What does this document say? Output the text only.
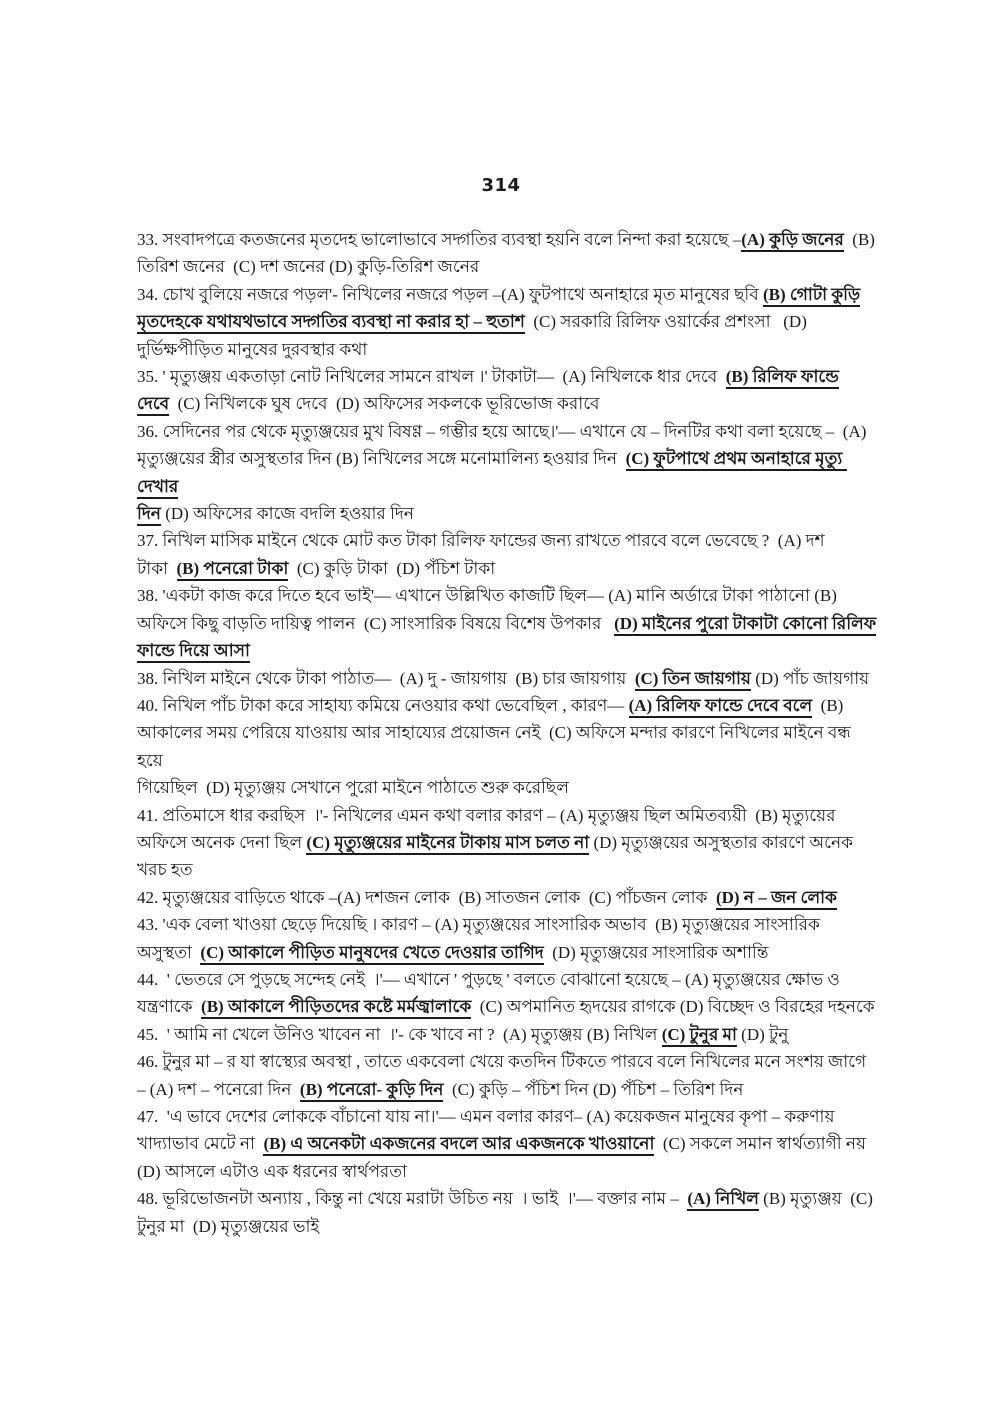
314
33. সংবাদপত্রে কতজনের মৃতদেহ ভালোভাবে সদ্গতির ব্যবস্থা হয়নি বলে নিন্দা করা হয়েছে –(A) কুড়ি জনের  (B)
তিরিশ জনের  (C) দশ জনের (D) কুড়ি-তিরিশ জনের
34. চোখ বুলিয়ে নজরে পড়ল'- নিখিলের নজরে পড়ল –(A) ফুটপাথে অনাহারে মৃত মানুষের ছবি (B) গোটা কুড়ি
মৃতদেহকে যথাযথভাবে সদ্গতির ব্যবস্থা না করার হা – হুতাশ  (C) সরকারি রিলিফ ওয়ার্কের প্রশংসা   (D)
দুর্ভিক্ষপীড়িত মানুষের দুরবস্থার কথা
35. ' মৃত্যুঞ্জয় একতাড়া নোট নিখিলের সামনে রাখল ।' টাকাটা—  (A) নিখিলকে ধার দেবে  (B) রিলিফ ফান্ডে
দেবে  (C) নিখিলকে ঘুষ দেবে  (D) অফিসের সকলকে ভূরিভোজ করাবে
36. সেদিনের পর থেকে মৃত্যুঞ্জয়ের মুখ বিষণ্ণ – গম্ভীর হয়ে আছে।'— এখানে যে – দিনটির কথা বলা হয়েছে –  (A)
মৃত্যুঞ্জয়ের স্ত্রীর অসুস্থতার দিন (B) নিখিলের সঙ্গে মনোমালিন্য হওয়ার দিন  (C) ফুটপাথে প্রথম অনাহারে মৃত্যু দেখার
দিন (D) অফিসের কাজে বদলি হওয়ার দিন
37. নিখিল মাসিক মাইনে থেকে মোট কত টাকা রিলিফ ফান্ডের জন্য রাখতে পারবে বলে ভেবেছে ?  (A) দশ
টাকা  (B) পনেরো টাকা  (C) কুড়ি টাকা  (D) পঁচিশ টাকা
38. 'একটা কাজ করে দিতে হবে ভাই'— এখানে উল্লিখিত কাজটি ছিল— (A) মানি অর্ডারে টাকা পাঠানো (B)
অফিসে কিছু বাড়তি দায়িত্ব পালন  (C) সাংসারিক বিষয়ে বিশেষ উপকার   (D) মাইনের পুরো টাকাটা কোনো রিলিফ
ফান্ডে দিয়ে আসা
38. নিখিল মাইনে থেকে টাকা পাঠাত—  (A) দু - জায়গায়  (B) চার জায়গায়  (C) তিন জায়গায় (D) পাঁচ জায়গায়
40. নিখিল পাঁচ টাকা করে সাহায্য কমিয়ে নেওয়ার কথা ভেবেছিল , কারণ— (A) রিলিফ ফান্ডে দেবে বলে  (B)
আকালের সময় পেরিয়ে যাওয়ায় আর সাহায্যের প্রয়োজন নেই  (C) অফিসে মন্দার কারণে নিখিলের মাইনে বন্ধ হয়ে
গিয়েছিল  (D) মৃত্যুঞ্জয় সেখানে পুরো মাইনে পাঠাতে শুরু করেছিল
41. প্রতিমাসে ধার করছিস  ।'- নিখিলের এমন কথা বলার কারণ – (A) মৃত্যুঞ্জয় ছিল অমিতব্যয়ী  (B) মৃত্যুয়ের
অফিসে অনেক দেনা ছিল (C) মৃত্যুঞ্জয়ের মাইনের টাকায় মাস চলত না (D) মৃত্যুঞ্জয়ের অসুস্থতার কারণে অনেক
খরচ হত
42. মৃত্যুঞ্জয়ের বাড়িতে থাকে –(A) দশজন লোক  (B) সাতজন লোক  (C) পাঁচজন লোক  (D) ন – জন লোক
43. 'এক বেলা খাওয়া ছেড়ে দিয়েছি । কারণ – (A) মৃত্যুঞ্জয়ের সাংসারিক অভাব  (B) মৃত্যুঞ্জয়ের সাংসারিক
অসুস্থতা  (C) আকালে পীড়িত মানুষদের খেতে দেওয়ার তাগিদ  (D) মৃত্যুঞ্জয়ের সাংসারিক অশান্তি
44.  ' ভেতরে সে পুড়ছে সন্দেহ নেই  ।'— এখানে ' পুড়ছে ' বলতে বোঝানো হয়েছে – (A) মৃত্যুঞ্জয়ের ক্ষোভ ও
যন্ত্রণাকে  (B) আকালে পীড়িতদের কষ্টে মর্মজ্বালাকে  (C) অপমানিত হৃদয়ের রাগকে (D) বিচ্ছেদ ও বিরহের দহনকে
45.  ' আমি না খেলে উনিও খাবেন না  ।'- কে খাবে না ?  (A) মৃত্যুঞ্জয় (B) নিখিল (C) টুনুর মা (D) টুনু
46. টুনুর মা – র যা স্বাস্থ্যের অবস্থা , তাতে একবেলা খেয়ে কতদিন টিকতে পারবে বলে নিখিলের মনে সংশয় জাগে
– (A) দশ – পনেরো দিন  (B) পনেরো- কুড়ি দিন  (C) কুড়ি – পঁচিশ দিন (D) পঁচিশ – তিরিশ দিন
47.  'এ ভাবে দেশের লোককে বাঁচানো যায় না।'— এমন বলার কারণ– (A) কয়েকজন মানুষের কৃপা – করুণায়
খাদ্যাভাব মেটে না  (B) এ অনেকটা একজনের বদলে আর একজনকে খাওয়ানো  (C) সকলে সমান স্বার্থত্যাগী নয়
(D) আসলে এটাও এক ধরনের স্বার্থপরতা
48. ভূরিভোজনটা অন্যায় , কিন্তু না খেয়ে মরাটা উচিত নয়  । ভাই  ।'— বক্তার নাম –  (A) নিখিল (B) মৃত্যুঞ্জয়  (C)
টুনুর মা  (D) মৃত্যুঞ্জয়ের ভাই
